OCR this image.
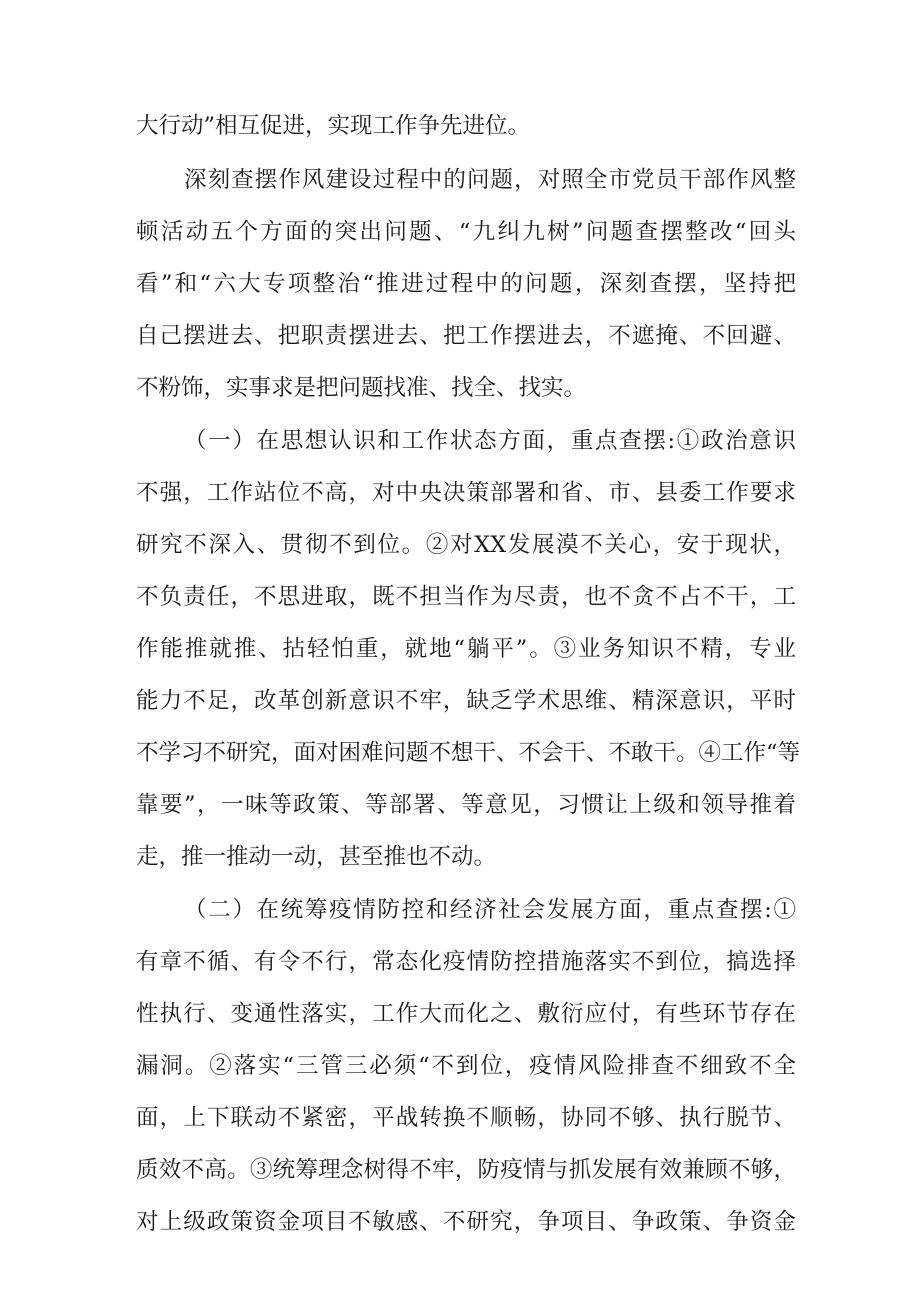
大行动”相互促进，实现工作争先进位。
深刻查摆作风建设过程中的问题，对照全市党员干部作风整
顿活动五个方面的突出问题、“九纠九树”问题查摆整改“回头
看”和“六大专项整治“推进过程中的问题，深刻查摆，坚持把
自己摆进去、把职责摆进去、把工作摆进去，不遮掩、不回避、
不粉饰，实事求是把问题找准、找全、找实。
（一）在思想认识和工作状态方面，重点查摆:①政治意识
不强，工作站位不高，对中央决策部署和省、市、县委工作要求
研究不深入、贯彻不到位。②对XX发展漠不关心，安于现状，
不负责任，不思进取，既不担当作为尽责，也不贪不占不干，工
作能推就推、拈轻怕重，就地“躺平”。③业务知识不精，专业
能力不足，改革创新意识不牢，缺乏学术思维、精深意识，平时
不学习不研究，面对困难问题不想干、不会干、不敢干。④工作“等
靠要”，一味等政策、等部署、等意见，习惯让上级和领导推着
走，推一推动一动，甚至推也不动。
（二）在统筹疫情防控和经济社会发展方面，重点查摆:①
有章不循、有令不行，常态化疫情防控措施落实不到位，搞选择
性执行、变通性落实，工作大而化之、敷衍应付，有些环节存在
漏洞。②落实“三管三必须“不到位，疫情风险排查不细致不全
面，上下联动不紧密，平战转换不顺畅，协同不够、执行脱节、
质效不高。③统筹理念树得不牢，防疫情与抓发展有效兼顾不够，
对上级政策资金项目不敏感、不研究，争项目、争政策、争资金
